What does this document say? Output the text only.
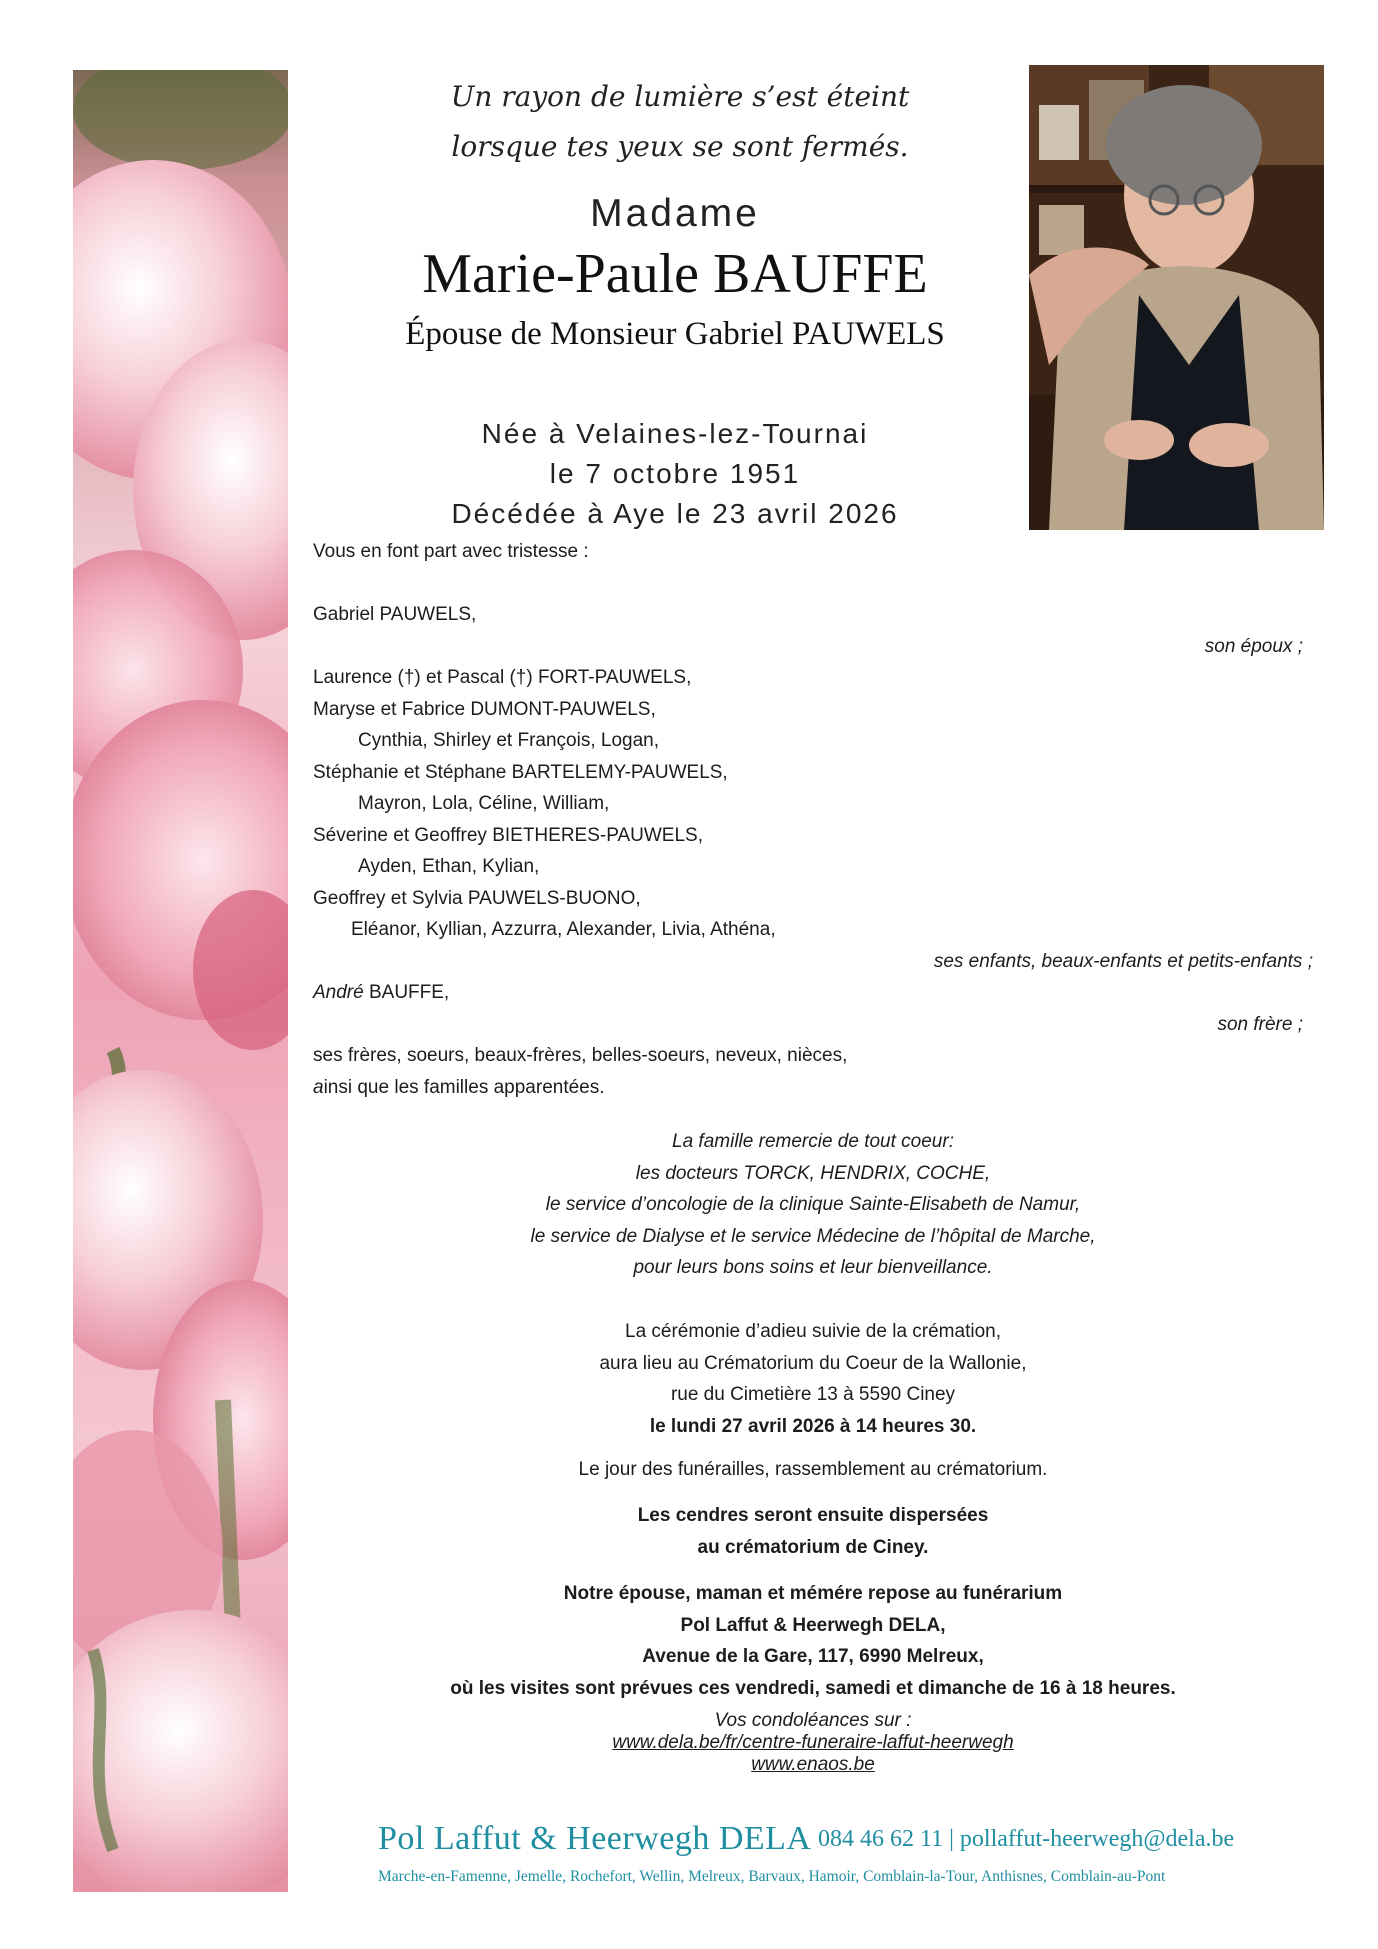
Un rayon de lumière s’est éteint
lorsque tes yeux se sont fermés.
Madame
Marie-Paule BAUFFE
Épouse de Monsieur Gabriel PAUWELS
Née à Velaines-lez-Tournai
le 7 octobre 1951
Décédée à Aye le 23 avril 2026
Vous en font part avec tristesse :
Gabriel PAUWELS,
son époux ;
Laurence (†) et Pascal (†) FORT-PAUWELS,
Maryse et Fabrice DUMONT-PAUWELS,
Cynthia, Shirley et François, Logan,
Stéphanie et Stéphane BARTELEMY-PAUWELS,
Mayron, Lola, Céline, William,
Séverine et Geoffrey BIETHERES-PAUWELS,
Ayden, Ethan, Kylian,
Geoffrey et Sylvia PAUWELS-BUONO,
Eléanor, Kyllian, Azzurra, Alexander, Livia, Athéna,
ses enfants, beaux-enfants et petits-enfants ;
André BAUFFE,
son frère ;
ses frères, soeurs, beaux-frères, belles-soeurs, neveux, nièces,
ainsi que les familles apparentées.
La famille remercie de tout coeur:
les docteurs TORCK, HENDRIX, COCHE,
le service d’oncologie de la clinique Sainte-Elisabeth de Namur,
le service de Dialyse et le service Médecine de l’hôpital de Marche,
pour leurs bons soins et leur bienveillance.
La cérémonie d’adieu suivie de la crémation,
aura lieu au Crématorium du Coeur de la Wallonie,
rue du Cimetière 13 à 5590 Ciney
le lundi 27 avril 2026 à 14 heures 30.
Le jour des funérailles, rassemblement au crématorium.
Les cendres seront ensuite dispersées
au crématorium de Ciney.
Notre épouse, maman et mémére repose au funérarium
Pol Laffut & Heerwegh DELA,
Avenue de la Gare, 117, 6990 Melreux,
où les visites sont prévues ces vendredi, samedi et dimanche de 16 à 18 heures.
Vos condoléances sur :
www.dela.be/fr/centre-funeraire-laffut-heerwegh
www.enaos.be
Pol Laffut & Heerwegh DELA 084 46 62 11 | pollaffut-heerwegh@dela.be
Marche-en-Famenne, Jemelle, Rochefort, Wellin, Melreux, Barvaux, Hamoir, Comblain-la-Tour, Anthisnes, Comblain-au-Pont
